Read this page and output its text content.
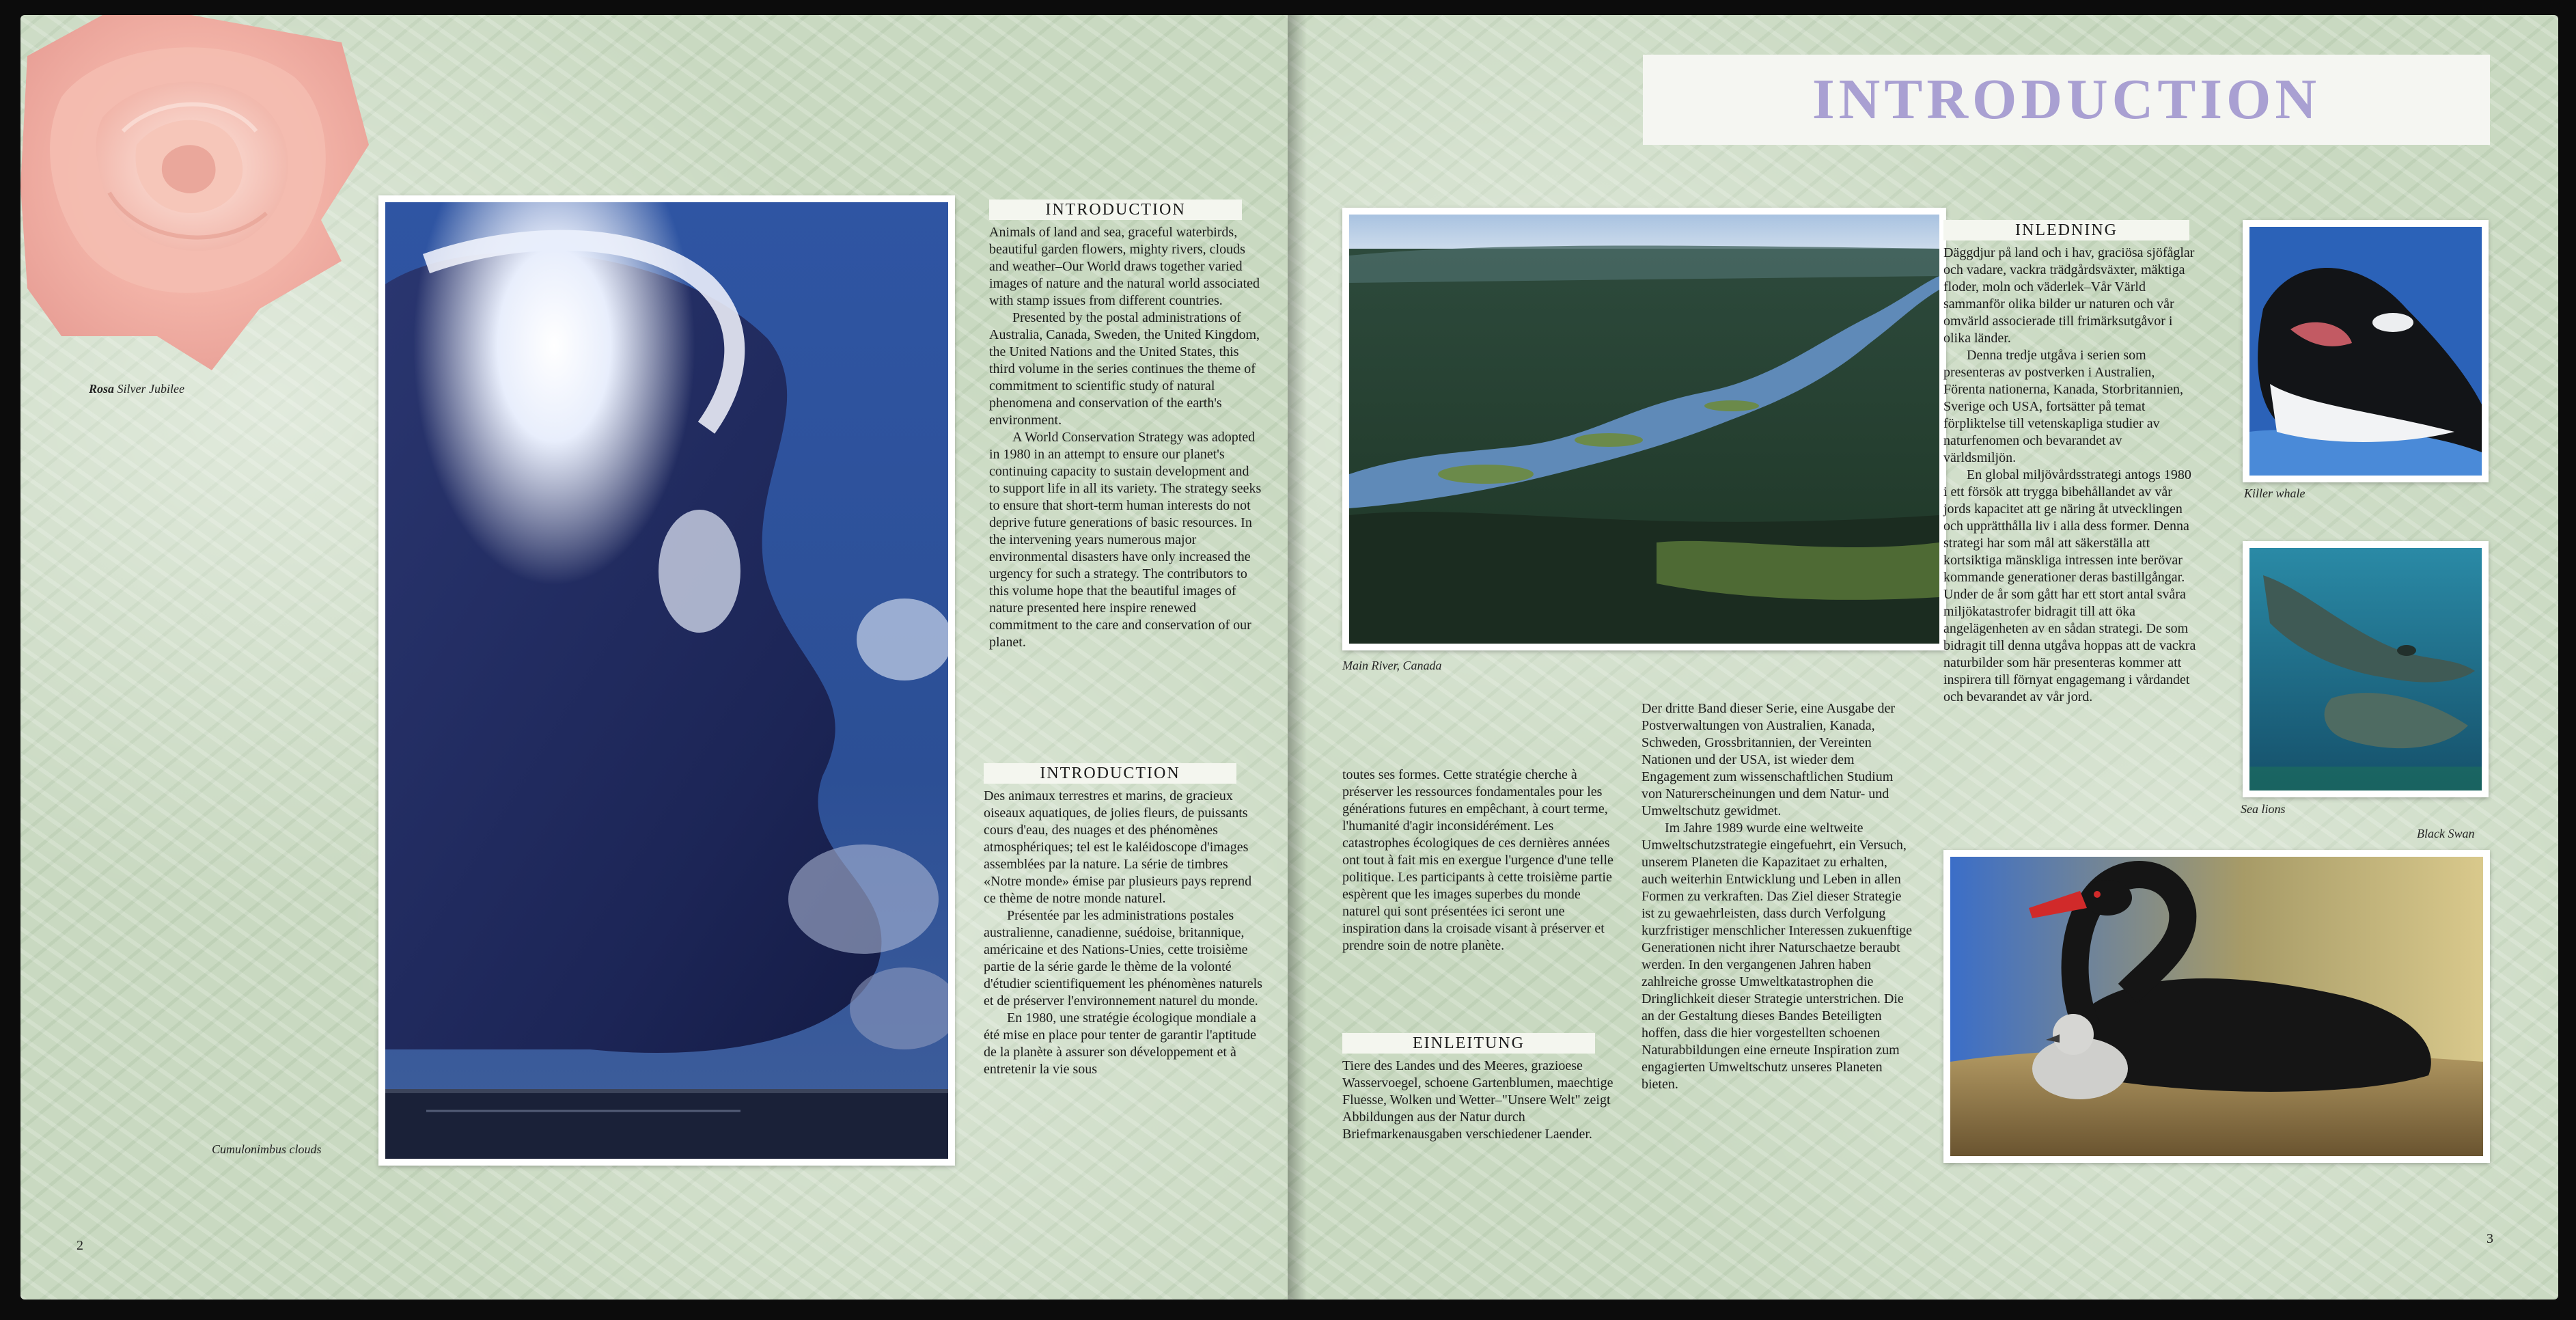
Rosa Silver Jubilee
Cumulonimbus clouds
INTRODUCTION

Animals of land and sea, graceful waterbirds, beautiful garden flowers, mighty rivers, clouds and weather–Our World draws together varied images of nature and the natural world associated with stamp issues from different countries.

Presented by the postal administrations of Australia, Canada, Sweden, the United Kingdom, the United Nations and the United States, this third volume in the series continues the theme of commitment to scientific study of natural phenomena and conservation of the earth's environment.

A World Conservation Strategy was adopted in 1980 in an attempt to ensure our planet's continuing capacity to sustain development and to support life in all its variety. The strategy seeks to ensure that short-term human interests do not deprive future generations of basic resources. In the intervening years numerous major environmental disasters have only increased the urgency for such a strategy. The contributors to this volume hope that the beautiful images of nature presented here inspire renewed commitment to the care and conservation of our planet.

INTRODUCTION

Des animaux terrestres et marins, de gracieux oiseaux aquatiques, de jolies fleurs, de puissants cours d'eau, des nuages et des phénomènes atmosphériques; tel est le kaléidoscope d'images assemblées par la nature. La série de timbres «Notre monde» émise par plusieurs pays reprend ce thème de notre monde naturel.

Présentée par les administrations postales australienne, canadienne, suédoise, britannique, américaine et des Nations-Unies, cette troisième partie de la série garde le thème de la volonté d'étudier scientifiquement les phénomènes naturels et de préserver l'environnement naturel du monde.

En 1980, une stratégie écologique mondiale a été mise en place pour tenter de garantir l'aptitude de la planète à assurer son développement et à entretenir la vie sous

2
INTRODUCTION
Main River, Canada

toutes ses formes. Cette stratégie cherche à préserver les ressources fondamentales pour les générations futures en empêchant, à court terme, l'humanité d'agir inconsidérément. Les catastrophes écologiques de ces dernières années ont tout à fait mis en exergue l'urgence d'une telle politique. Les participants à cette troisième partie espèrent que les images superbes du monde naturel qui sont présentées ici seront une inspiration dans la croisade visant à préserver et prendre soin de notre planète.

EINLEITUNG

Tiere des Landes und des Meeres, grazioese Wasservoegel, schoene Gartenblumen, maechtige Fluesse, Wolken und Wetter–"Unsere Welt" zeigt Abbildungen aus der Natur durch Briefmarkenausgaben verschiedener Laender.

Der dritte Band dieser Serie, eine Ausgabe der Postverwaltungen von Australien, Kanada, Schweden, Grossbritannien, der Vereinten Nationen und der USA, ist wieder dem Engagement zum wissenschaftlichen Studium von Naturerscheinungen und dem Natur- und Umweltschutz gewidmet.

Im Jahre 1989 wurde eine weltweite Umweltschutzstrategie eingefuehrt, ein Versuch, unserem Planeten die Kapazitaet zu erhalten, auch weiterhin Entwicklung und Leben in allen Formen zu verkraften. Das Ziel dieser Strategie ist zu gewaehrleisten, dass durch Verfolgung kurzfristiger menschlicher Interessen zukuenftige Generationen nicht ihrer Naturschaetze beraubt werden. In den vergangenen Jahren haben zahlreiche grosse Umweltkatastrophen die Dringlichkeit dieser Strategie unterstrichen. Die an der Gestaltung dieses Bandes Beteiligten hoffen, dass die hier vorgestellten schoenen Naturabbildungen eine erneute Inspiration zum engagierten Umweltschutz unseres Planeten bieten.

INLEDNING

Däggdjur på land och i hav, graciösa sjöfåglar och vadare, vackra trädgårdsväxter, mäktiga floder, moln och väderlek–Vår Värld sammanför olika bilder ur naturen och vår omvärld associerade till frimärksutgåvor i olika länder.

Denna tredje utgåva i serien som presenteras av postverken i Australien, Förenta nationerna, Kanada, Storbritannien, Sverige och USA, fortsätter på temat förpliktelse till vetenskapliga studier av naturfenomen och bevarandet av världsmiljön.

En global miljövårdsstrategi antogs 1980 i ett försök att trygga bibehållandet av vår jords kapacitet att ge näring åt utvecklingen och upprätthålla liv i alla dess former. Denna strategi har som mål att säkerställa att kortsiktiga mänskliga intressen inte berövar kommande generationer deras bastillgångar. Under de år som gått har ett stort antal svåra miljökatastrofer bidragit till att öka angelägenheten av en sådan strategi. De som bidragit till denna utgåva hoppas att de vackra naturbilder som här presenteras kommer att inspirera till förnyat engagemang i vårdandet och bevarandet av vår jord.

Killer whale
Sea lions
Black Swan
3
